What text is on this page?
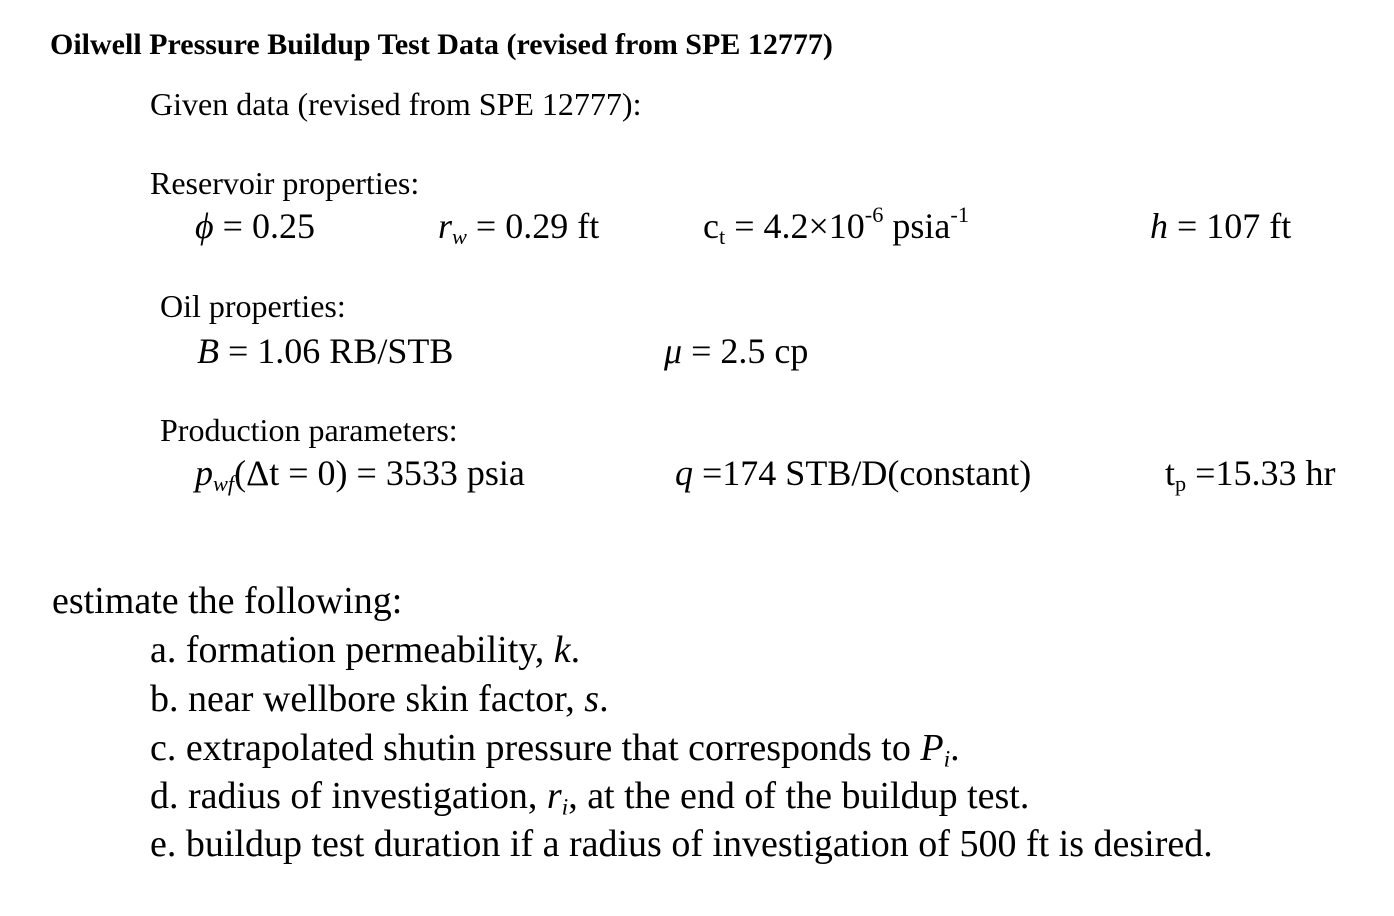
Oilwell Pressure Buildup Test Data (revised from SPE 12777)
Given data (revised from SPE 12777):
Reservoir properties:
ϕ = 0.25	$r_w = 0.29$ ft	$c_t = 4.2\times 10^{-6}$ psia$^{-1}$	h = 107 ft
Oil properties:
B = 1.06 RB/STB	μ = 2.5 cp
Production parameters:
$p_{wf}(\Delta t = 0) = 3533$ psia	q =174 STB/D(constant)	$t_p =15.33$ hr
estimate the following:
a. formation permeability, k.
b. near wellbore skin factor, s.
c. extrapolated shutin pressure that corresponds to $P_i$.
d. radius of investigation, $r_i$, at the end of the buildup test.
e. buildup test duration if a radius of investigation of 500 ft is desired.
